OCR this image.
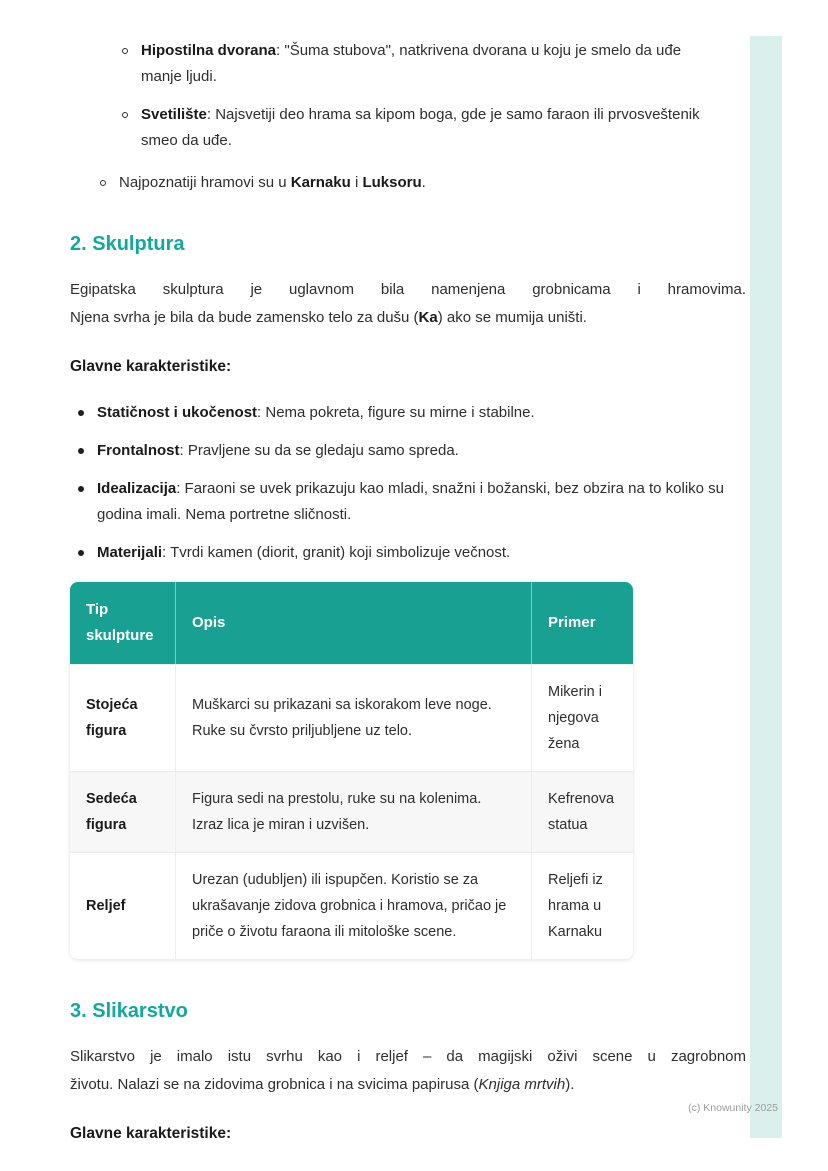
Hipostilna dvorana: "Šuma stubova", natkrivena dvorana u koju je smelo da uđe manje ljudi.
Svetilište: Najsvetiji deo hrama sa kipom boga, gde je samo faraon ili prvosveštenik smeo da uđe.
Najpoznatiji hramovi su u Karnaku i Luksoru.
2. Skulptura

Egipatska skulptura je uglavnom bila namenjena grobnicama i hramovima.
Njena svrha je bila da bude zamensko telo za dušu (Ka) ako se mumija uništi.

Glavne karakteristike:

Statičnost i ukočenost: Nema pokreta, figure su mirne i stabilne.
Frontalnost: Pravljene su da se gledaju samo spreda.
Idealizacija: Faraoni se uvek prikazuju kao mladi, snažni i božanski, bez obzira na to koliko su godina imali. Nema portretne sličnosti.
Materijali: Tvrdi kamen (diorit, granit) koji simbolizuje večnost.
Tip skulpture	Opis	Primer
Stojeća figura	Muškarci su prikazani sa iskorakom leve noge. Ruke su čvrsto priljubljene uz telo.	Mikerin i njegova žena
Sedeća figura	Figura sedi na prestolu, ruke su na kolenima. Izraz lica je miran i uzvišen.	Kefrenova statua
Reljef	Urezan (udubljen) ili ispupčen. Koristio se za ukrašavanje zidova grobnica i hramova, pričao je priče o životu faraona ili mitološke scene.	Reljefi iz hrama u Karnaku
3. Slikarstvo

Slikarstvo je imalo istu svrhu kao i reljef – da magijski oživi scene u zagrobnom
životu. Nalazi se na zidovima grobnica i na svicima papirusa (Knjiga mrtvih).

Glavne karakteristike:

(c) Knowunity 2025
